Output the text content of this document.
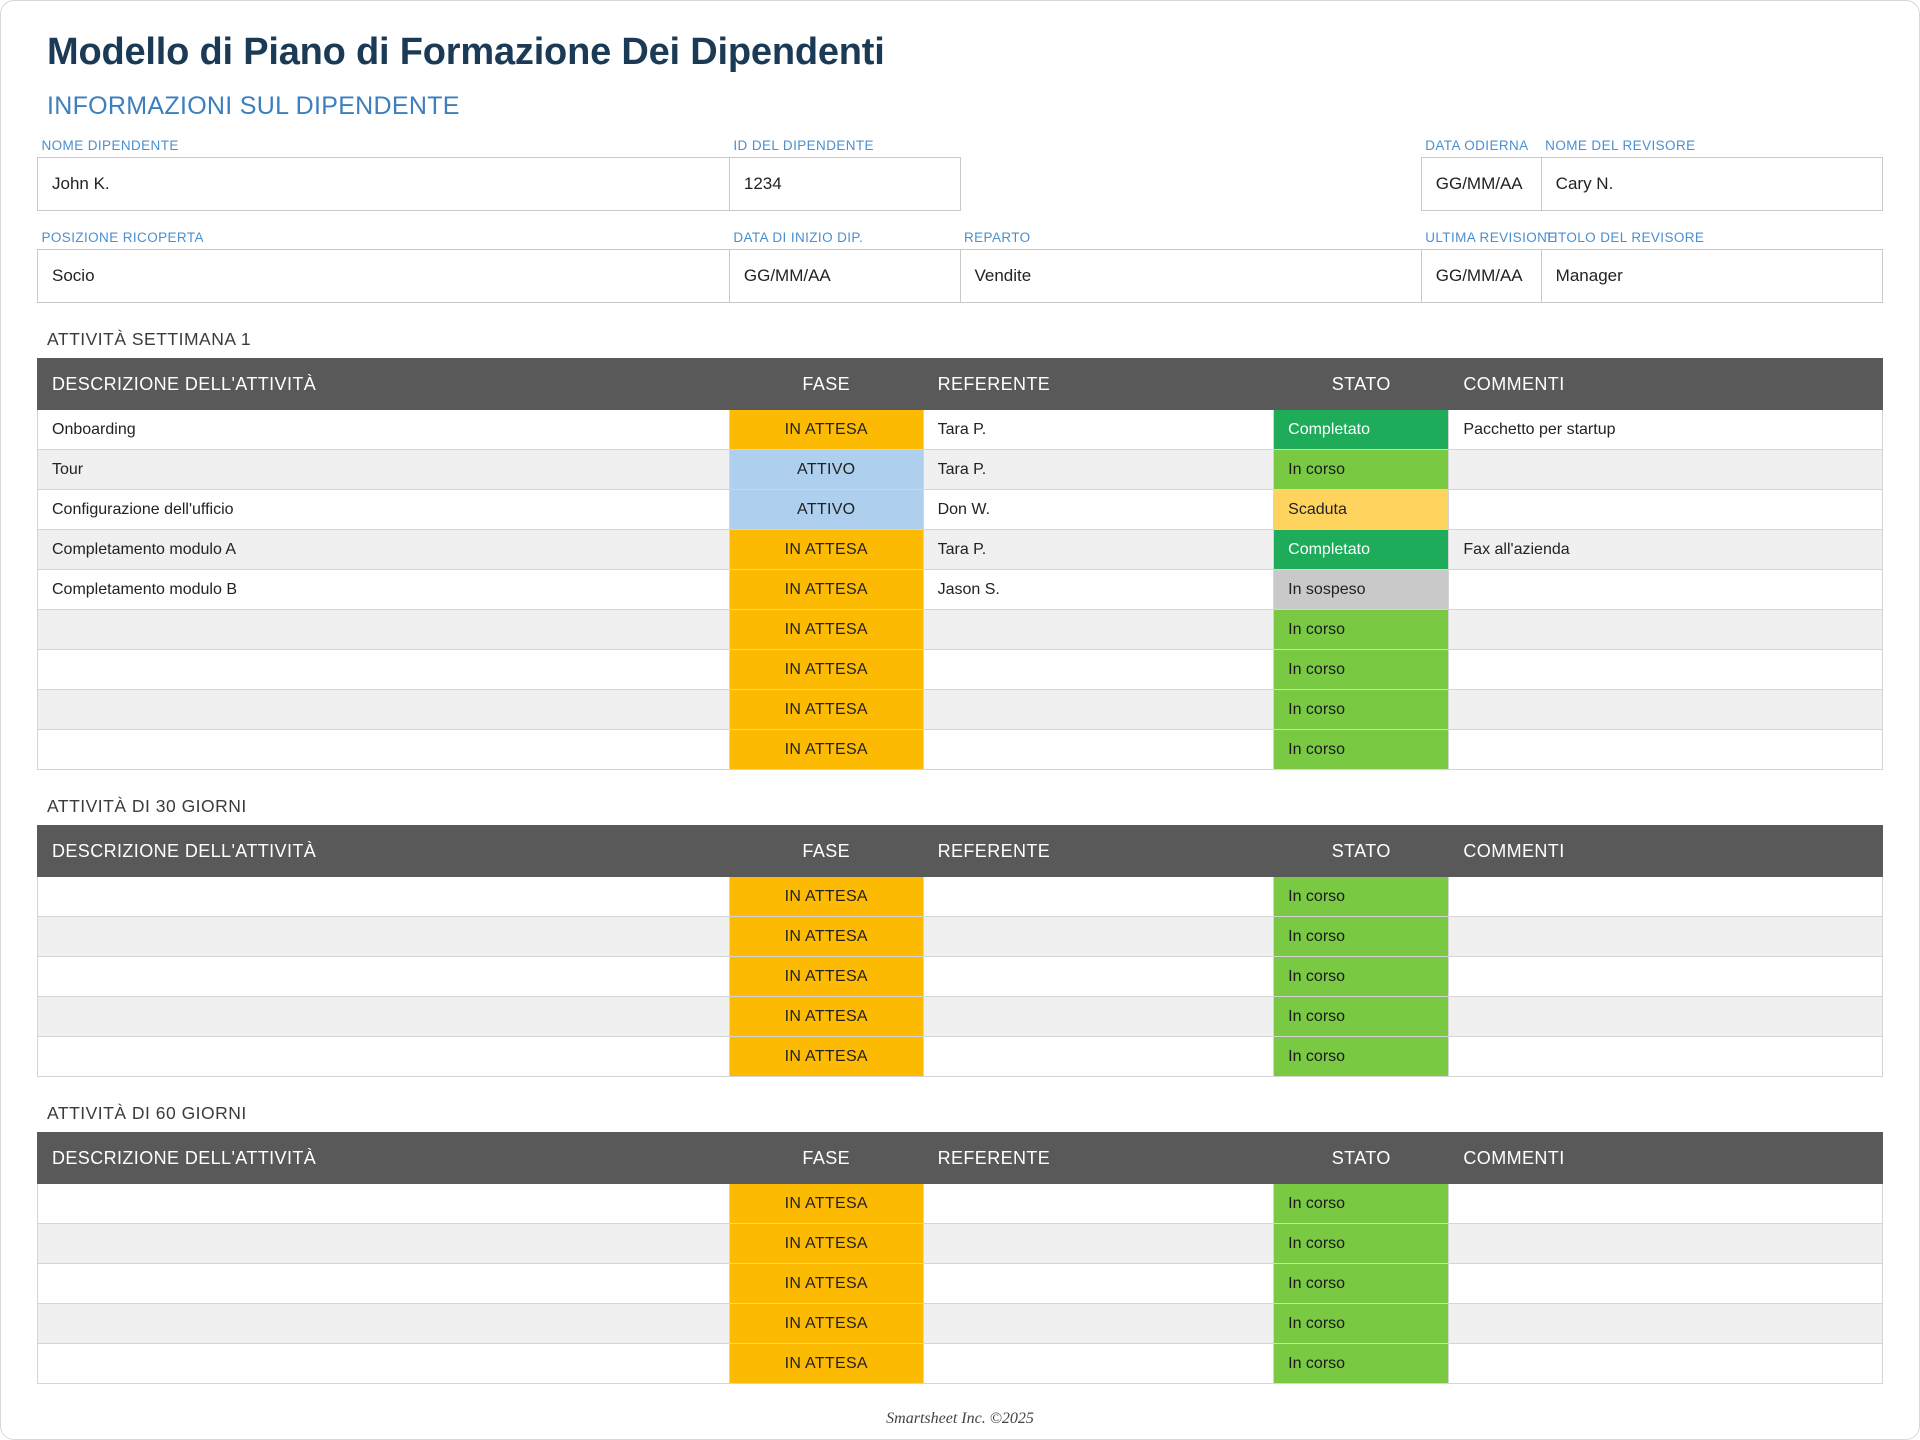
Modello di Piano di Formazione Dei Dipendenti
INFORMAZIONI SUL DIPENDENTE
NOME DIPENDENTE	ID DEL DIPENDENTE			DATA ODIERNA	NOME DEL REVISORE

John K.	1234			GG/MM/AA	Cary N.

POSIZIONE RICOPERTA	DATA DI INIZIO DIP.	REPARTO		ULTIMA REVISIONE	TITOLO DEL REVISORE

Socio	GG/MM/AA	Vendite		GG/MM/AA	Manager
ATTIVITÀ SETTIMANA 1
DESCRIZIONE DELL'ATTIVITÀ	FASE	REFERENTE	STATO	COMMENTI
Onboarding	IN ATTESA	Tara P.	Completato	Pacchetto per startup
Tour	ATTIVO	Tara P.	In corso	
Configurazione dell'ufficio	ATTIVO	Don W.	Scaduta	
Completamento modulo A	IN ATTESA	Tara P.	Completato	Fax all'azienda
Completamento modulo B	IN ATTESA	Jason S.	In sospeso	
	IN ATTESA		In corso	
	IN ATTESA		In corso	
	IN ATTESA		In corso	
	IN ATTESA		In corso	
ATTIVITÀ DI 30 GIORNI
DESCRIZIONE DELL'ATTIVITÀ	FASE	REFERENTE	STATO	COMMENTI
	IN ATTESA		In corso	
	IN ATTESA		In corso	
	IN ATTESA		In corso	
	IN ATTESA		In corso	
	IN ATTESA		In corso	
ATTIVITÀ DI 60 GIORNI
DESCRIZIONE DELL'ATTIVITÀ	FASE	REFERENTE	STATO	COMMENTI
	IN ATTESA		In corso	
	IN ATTESA		In corso	
	IN ATTESA		In corso	
	IN ATTESA		In corso	
	IN ATTESA		In corso	
Smartsheet Inc. ©2025
